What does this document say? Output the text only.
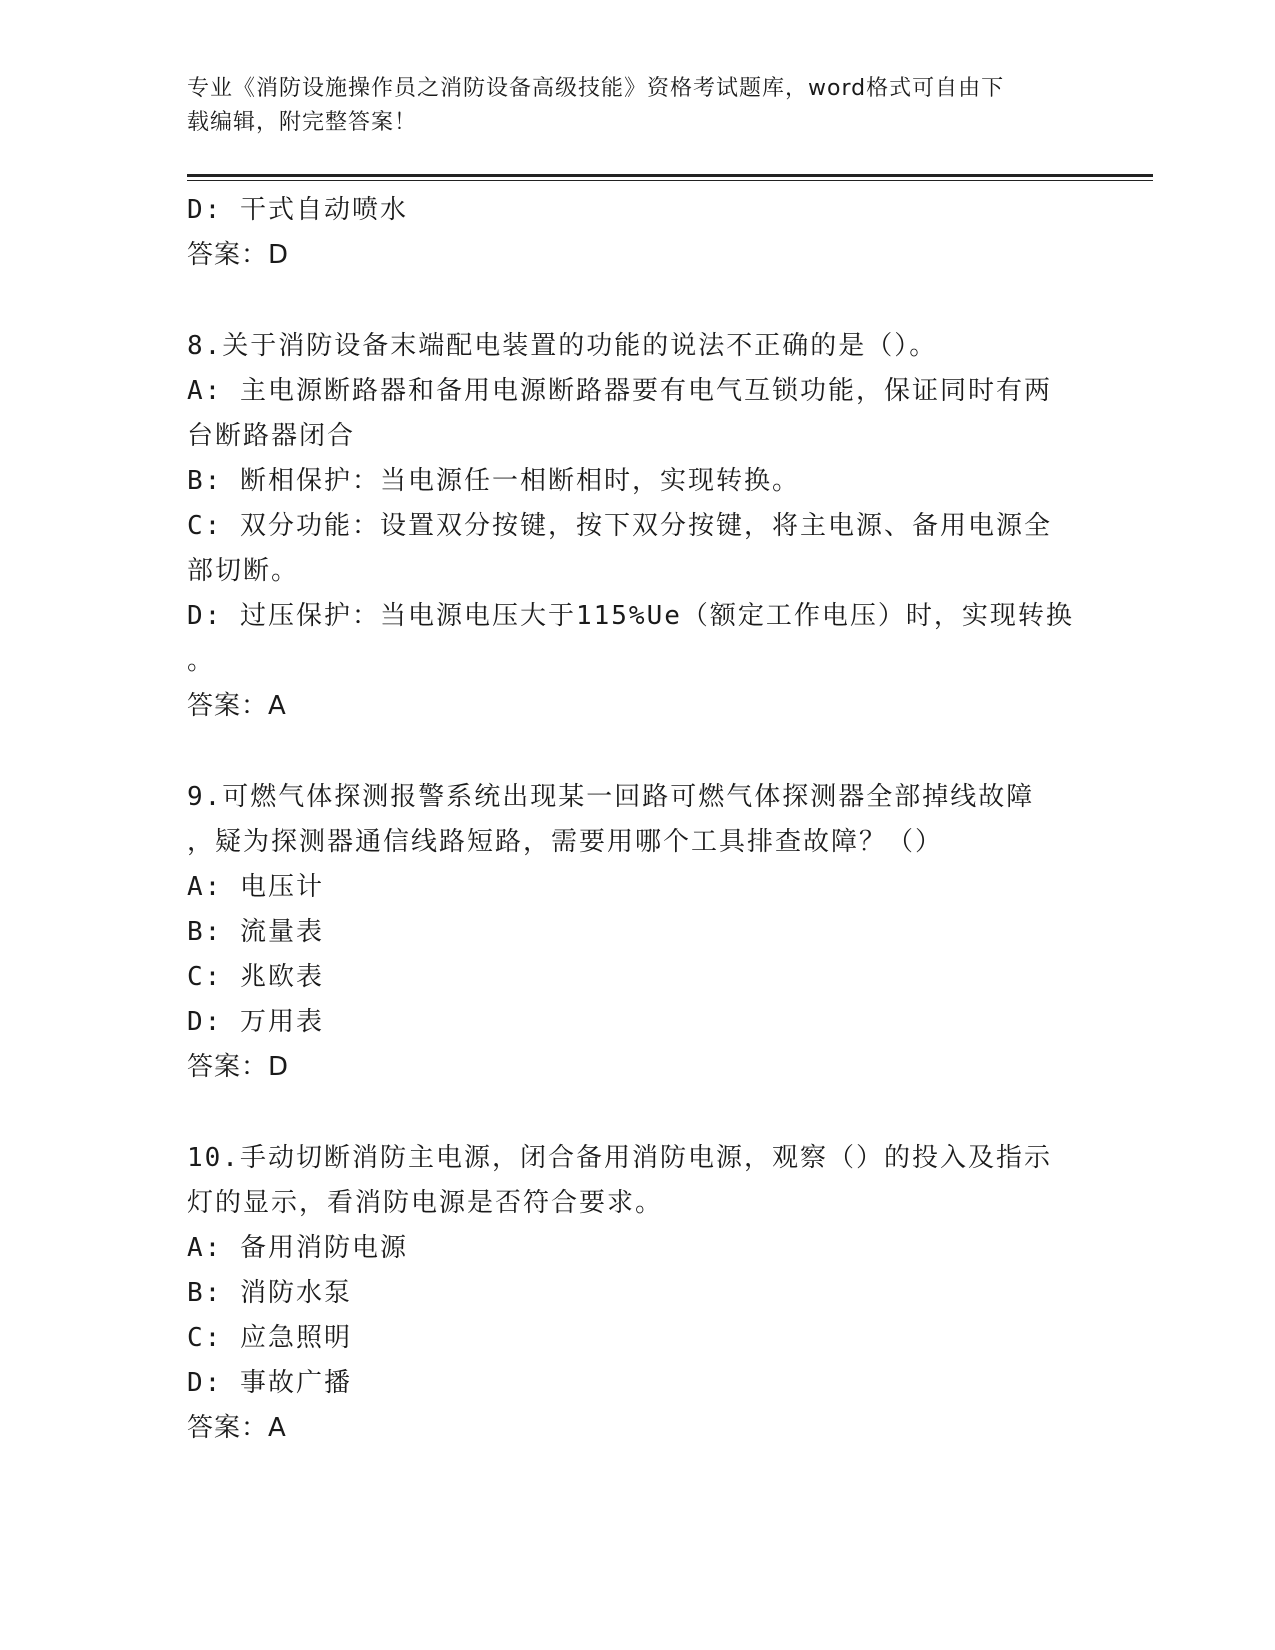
专业《消防设施操作员之消防设备高级技能》资格考试题库，word格式可自由下
载编辑，附完整答案！
D: 干式自动喷水
答案：D
8.关于消防设备末端配电装置的功能的说法不正确的是（）。
A: 主电源断路器和备用电源断路器要有电气互锁功能，保证同时有两
台断路器闭合
B: 断相保护：当电源任一相断相时，实现转换。
C: 双分功能：设置双分按键，按下双分按键，将主电源、备用电源全
部切断。
D: 过压保护：当电源电压大于115%Ue（额定工作电压）时，实现转换
。
答案：A
9.可燃气体探测报警系统出现某一回路可燃气体探测器全部掉线故障
，疑为探测器通信线路短路，需要用哪个工具排查故障？（）
A: 电压计
B: 流量表
C: 兆欧表
D: 万用表
答案：D
10.手动切断消防主电源，闭合备用消防电源，观察（）的投入及指示
灯的显示，看消防电源是否符合要求。
A: 备用消防电源
B: 消防水泵
C: 应急照明
D: 事故广播
答案：A
